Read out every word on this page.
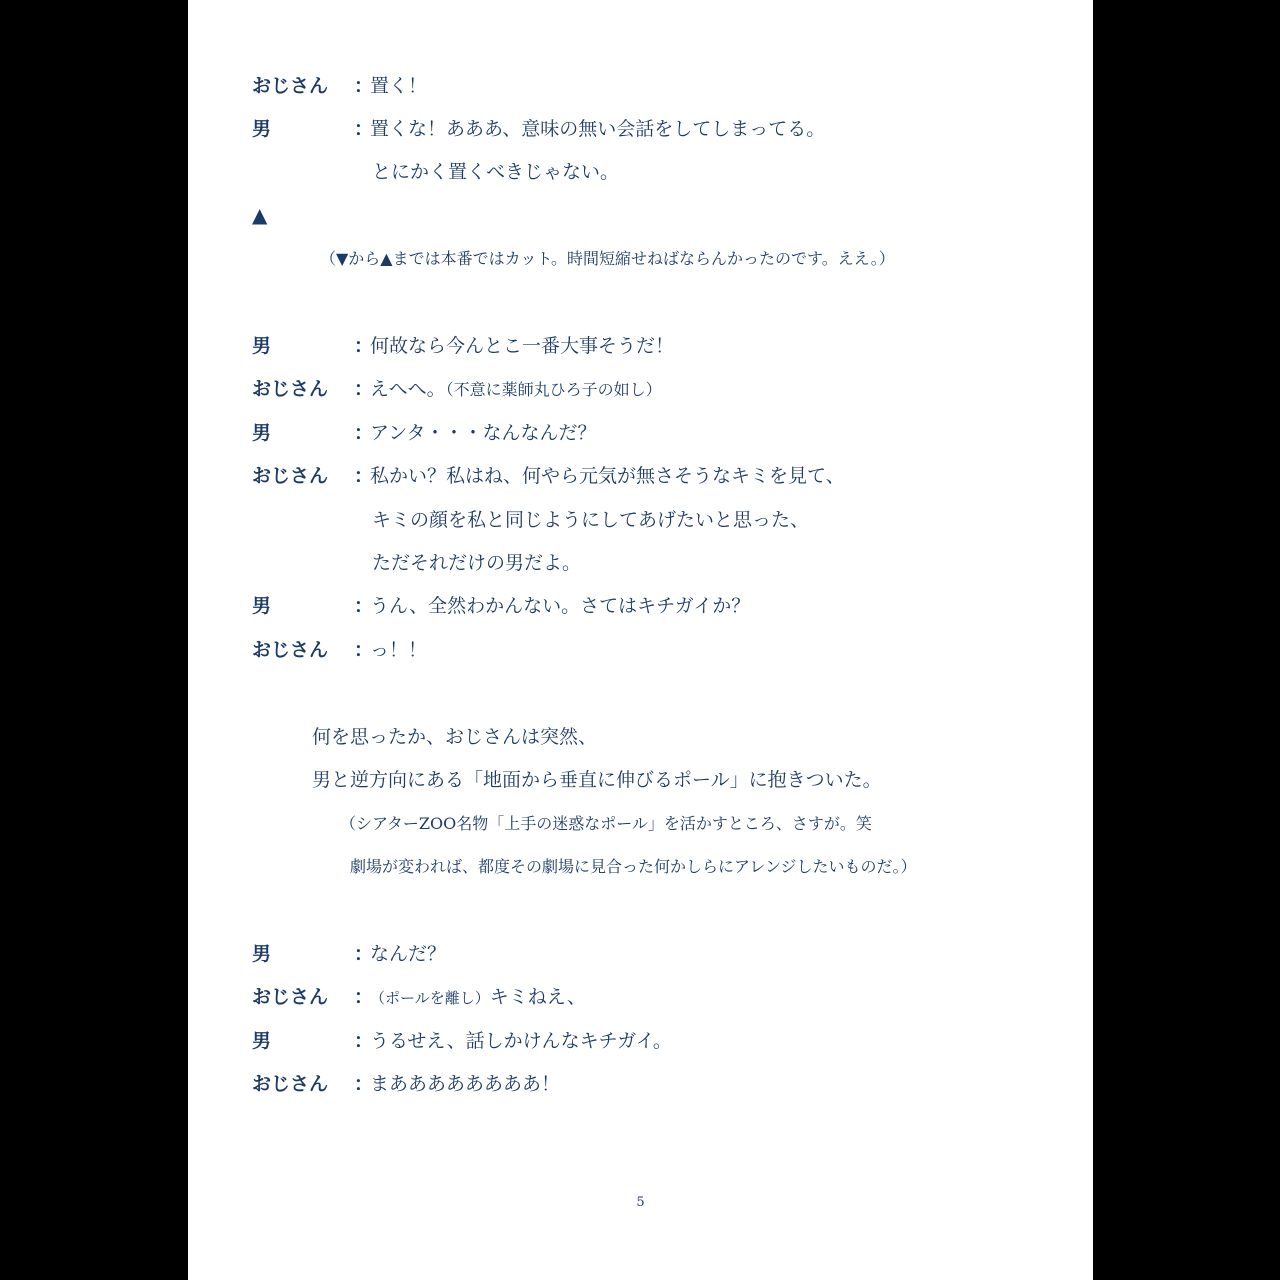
おじさん ：
置く！
男	：
置くな！あああ、意味の無い会話をしてしまってる。
とにかく置くべきじゃない。
▲
（▼から▲までは本番ではカット。時間短縮せねばならんかったのです。ええ。）
男	：
何故なら今んとこ一番大事そうだ！
おじさん ：
えへへ。（不意に薬師丸ひろ子の如し）
男	：
アンタ・・・なんなんだ？
おじさん ：
私かい？私はね、何やら元気が無さそうなキミを見て、
キミの顔を私と同じようにしてあげたいと思った、
ただそれだけの男だよ。
男	：
うん、全然わかんない。さてはキチガイか？
おじさん ：
っ！！
何を思ったか、おじさんは突然、
男と逆方向にある「地面から垂直に伸びるポール」に抱きついた。
（シアターZOO名物「上手の迷惑なポール」を活かすところ、さすが。笑
劇場が変われば、都度その劇場に見合った何かしらにアレンジしたいものだ。）
男	：
なんだ？
おじさん ：
（ポールを離し）キミねえ、
男	：
うるせえ、話しかけんなキチガイ。
おじさん ：
まああああああああ！
5
